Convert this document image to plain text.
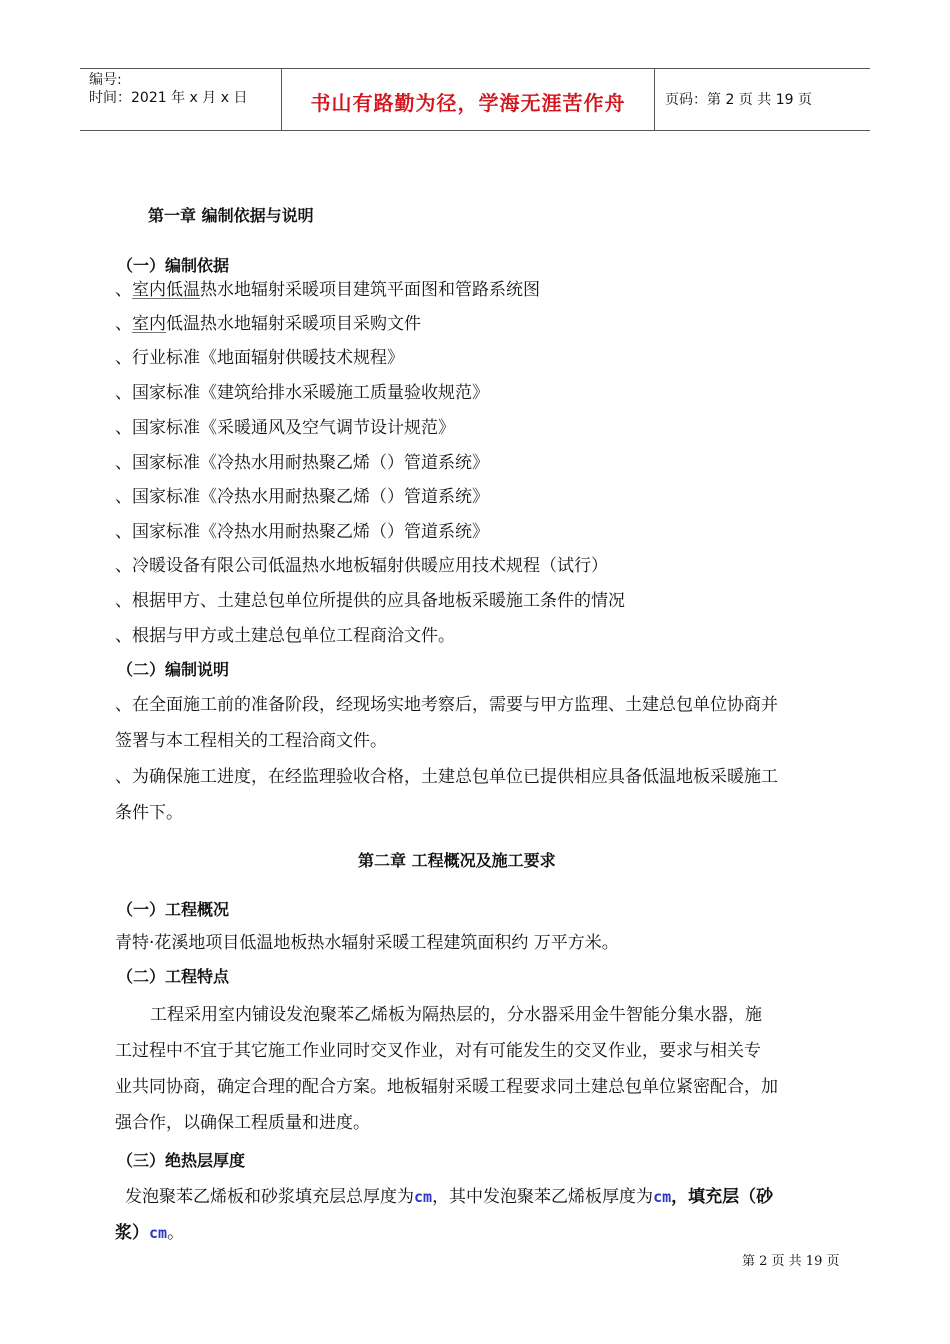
编号:
时间：2021 年 x 月 x 日	书山有路勤为径，学海无涯苦作舟	页码：第 2 页 共 19 页
第一章 编制依据与说明
（一）编制依据
、室内低温热水地辐射采暖项目建筑平面图和管路系统图
、室内低温热水地辐射采暖项目采购文件
、行业标准《地面辐射供暖技术规程》
、国家标准《建筑给排水采暖施工质量验收规范》
、国家标准《采暖通风及空气调节设计规范》
、国家标准《冷热水用耐热聚乙烯（）管道系统》
、国家标准《冷热水用耐热聚乙烯（）管道系统》
、国家标准《冷热水用耐热聚乙烯（）管道系统》
、冷暖设备有限公司低温热水地板辐射供暖应用技术规程（试行）
、根据甲方、土建总包单位所提供的应具备地板采暖施工条件的情况
、根据与甲方或土建总包单位工程商洽文件。
（二）编制说明
、在全面施工前的准备阶段，经现场实地考察后，需要与甲方监理、土建总包单位协商并
签署与本工程相关的工程洽商文件。
、为确保施工进度，在经监理验收合格，土建总包单位已提供相应具备低温地板采暖施工
条件下。
第二章 工程概况及施工要求
（一）工程概况
青特·花溪地项目低温地板热水辐射采暖工程建筑面积约 万平方米。
（二）工程特点
工程采用室内铺设发泡聚苯乙烯板为隔热层的，分水器采用金牛智能分集水器，施
工过程中不宜于其它施工作业同时交叉作业，对有可能发生的交叉作业，要求与相关专
业共同协商，确定合理的配合方案。地板辐射采暖工程要求同土建总包单位紧密配合，加
强合作，以确保工程质量和进度。
（三）绝热层厚度
发泡聚苯乙烯板和砂浆填充层总厚度为cm，其中发泡聚苯乙烯板厚度为cm，填充层（砂
浆）cm。
第 2 页 共 19 页
